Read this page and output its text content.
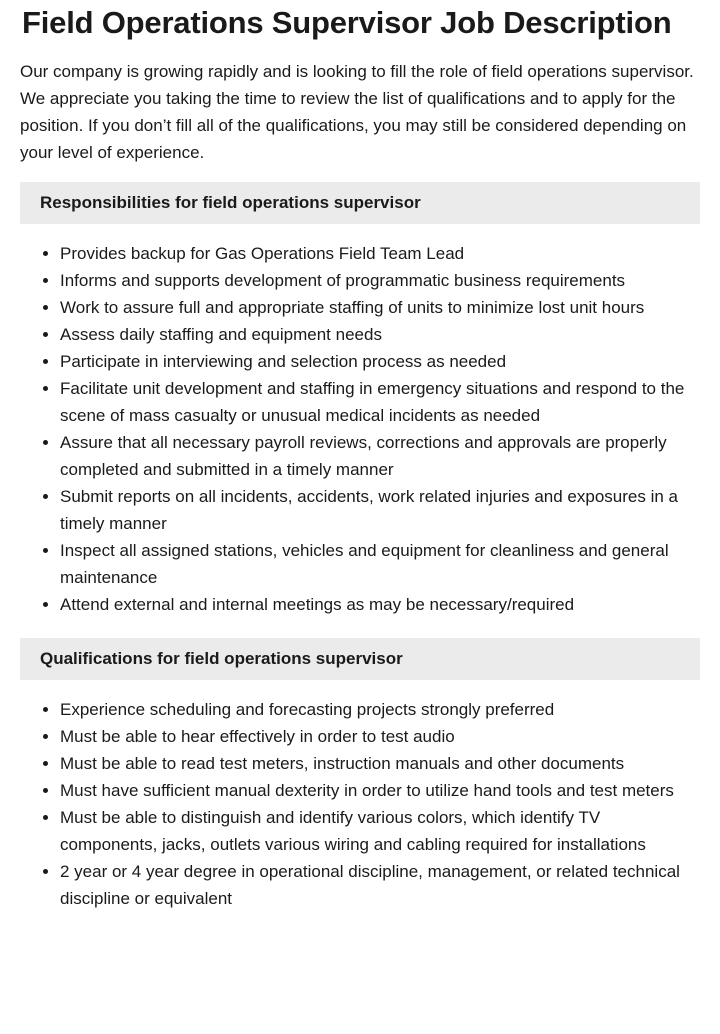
Field Operations Supervisor Job Description

Our company is growing rapidly and is looking to fill the role of field operations supervisor. We appreciate you taking the time to review the list of qualifications and to apply for the position. If you don’t fill all of the qualifications, you may still be considered depending on your level of experience.

Responsibilities for field operations supervisor
• Provides backup for Gas Operations Field Team Lead
• Informs and supports development of programmatic business requirements
• Work to assure full and appropriate staffing of units to minimize lost unit hours
• Assess daily staffing and equipment needs
• Participate in interviewing and selection process as needed
• Facilitate unit development and staffing in emergency situations and respond to the scene of mass casualty or unusual medical incidents as needed
• Assure that all necessary payroll reviews, corrections and approvals are properly completed and submitted in a timely manner
• Submit reports on all incidents, accidents, work related injuries and exposures in a timely manner
• Inspect all assigned stations, vehicles and equipment for cleanliness and general maintenance
• Attend external and internal meetings as may be necessary/required
Qualifications for field operations supervisor
• Experience scheduling and forecasting projects strongly preferred
• Must be able to hear effectively in order to test audio
• Must be able to read test meters, instruction manuals and other documents
• Must have sufficient manual dexterity in order to utilize hand tools and test meters
• Must be able to distinguish and identify various colors, which identify TV components, jacks, outlets various wiring and cabling required for installations
• 2 year or 4 year degree in operational discipline, management, or related technical discipline or equivalent
